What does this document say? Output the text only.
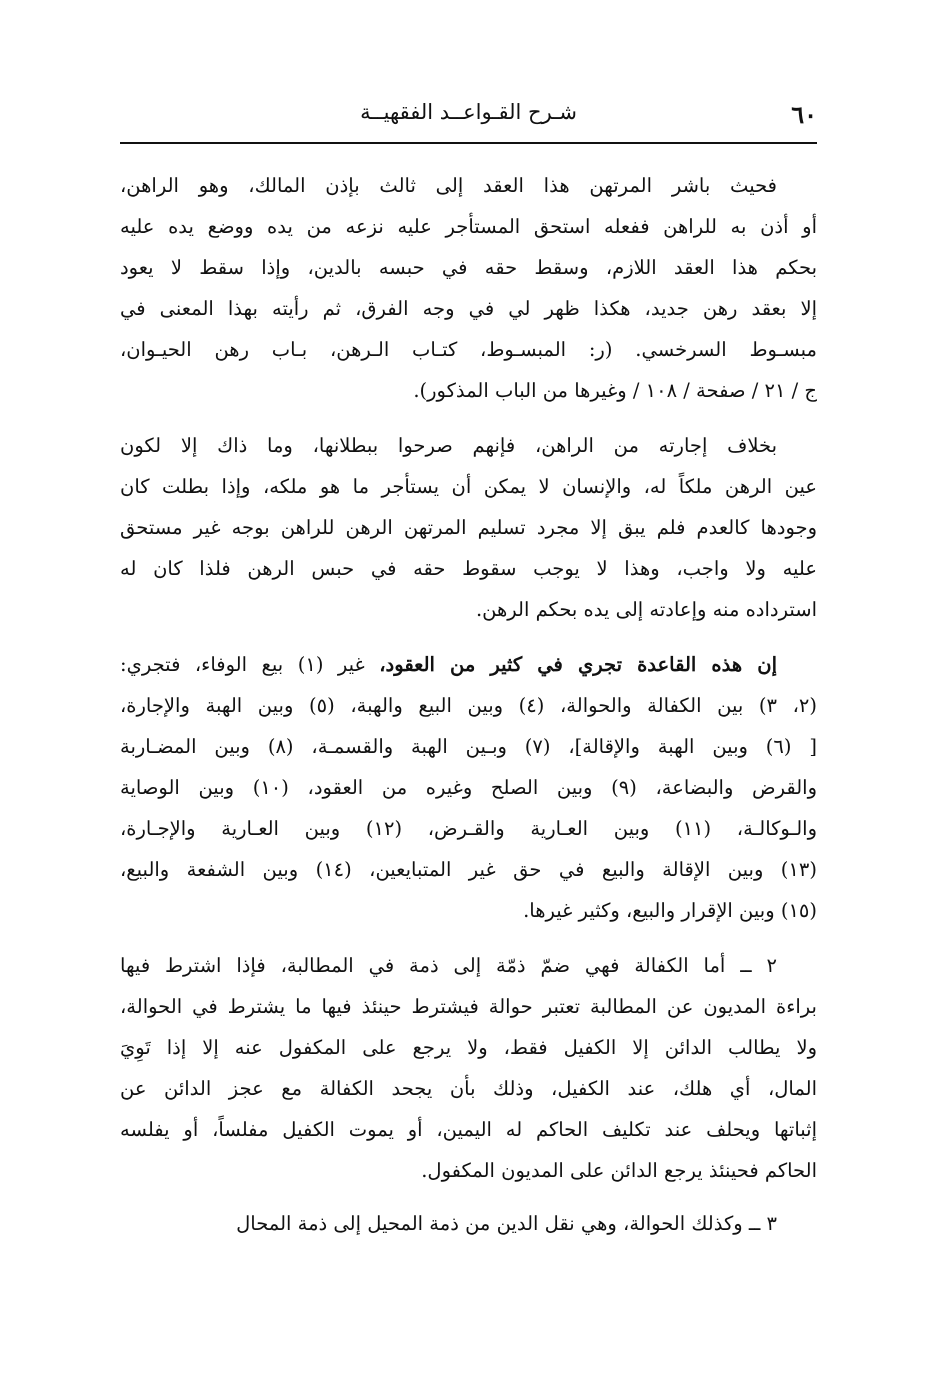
٦٠
شـرح القـواعــد الفقهيــة

فحيث باشر المرتهن هذا العقد إلى ثالث بإذن المالك، وهو الراهن،
أو أذن به للراهن ففعله استحق المستأجر عليه نزعه من يده ووضع يده عليه
بحكم هذا العقد اللازم، وسقط حقه في حبسه بالدين، وإذا سقط لا يعود
إلا بعقد رهن جديد، هكذا ظهر لي في وجه الفرق، ثم رأيته بهذا المعنى في
مبسـوط السرخسي. (ر: المبسـوط، كتـاب الـرهن، بـاب رهن الحيـوان،
ج / ٢١ / صفحة / ١٠٨ / وغيرها من الباب المذكور).

بخلاف إجارته من الراهن، فإنهم صرحوا ببطلانها، وما ذاك إلا لكون
عين الرهن ملكاً له، والإنسان لا يمكن أن يستأجر ما هو ملكه، وإذا بطلت كان
وجودها كالعدم فلم يبق إلا مجرد تسليم المرتهن الرهن للراهن بوجه غير مستحق
عليه ولا واجب، وهذا لا يوجب سقوط حقه في حبس الرهن فلذا كان له
استرداده منه وإعادته إلى يده بحكم الرهن.

إن هذه القاعدة تجري في كثير من العقود، غير (١) بيع الوفاء، فتجري:
(٢، ٣) بين الكفالة والحوالة، (٤) وبين البيع والهبة، (٥) وبين الهبة والإجارة،
[ (٦) وبين الهبة والإقالة]، (٧) وبـين الهبة والقسمـة، (٨) وبين المضـاربة
والقرض والبضاعة، (٩) وبين الصلح وغيره من العقود، (١٠) وبين الوصاية
والـوكالـة، (١١) وبين العـارية والقـرض، (١٢) وبين العـارية والإجـارة،
(١٣) وبين الإقالة والبيع في حق غير المتبايعين، (١٤) وبين الشفعة والبيع،
(١٥) وبين الإقرار والبيع، وكثير غيرها.

٢ ــ أما الكفالة فهي ضمّ ذمّة إلى ذمة في المطالبة، فإذا اشترط فيها
براءة المديون عن المطالبة تعتبر حوالة فيشترط حينئذ فيها ما يشترط في الحوالة،
ولا يطالب الدائن إلا الكفيل فقط، ولا يرجع على المكفول عنه إلا إذا تَوِيَ
المال، أي هلك، عند الكفيل، وذلك بأن يجحد الكفالة مع عجز الدائن عن
إثباتها ويحلف عند تكليف الحاكم له اليمين، أو يموت الكفيل مفلساً، أو يفلسه
الحاكم فحينئذ يرجع الدائن على المديون المكفول.

٣ ــ وكذلك الحوالة، وهي نقل الدين من ذمة المحيل إلى ذمة المحال
